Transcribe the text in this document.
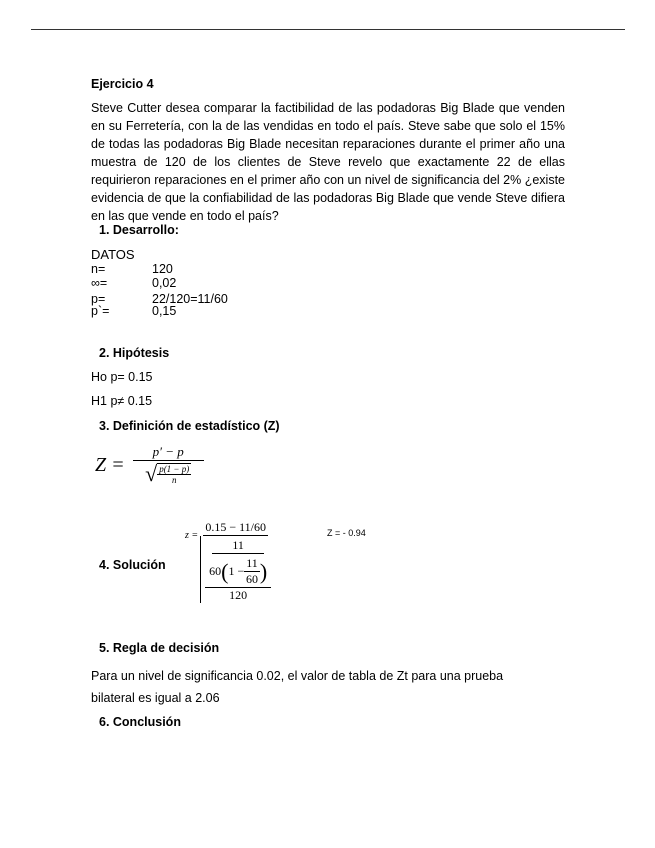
Ejercicio 4
Steve Cutter desea comparar la factibilidad de las podadoras Big Blade que venden en su Ferretería, con la de las vendidas en todo el país. Steve sabe que solo el 15% de todas las podadoras Big Blade necesitan reparaciones durante el primer año una muestra de 120 de los clientes de Steve revelo que exactamente 22 de ellas requirieron reparaciones en el primer año con un nivel de significancia del 2% ¿existe evidencia de que la confiabilidad de las podadoras Big Blade que vende Steve difiera en las que vende en todo el país?
1. Desarrollo:
DATOS
n=	120
∞=	0,02
p=	22/120=11/60
p`=	0,15
2. Hipótesis
Ho p= 0.15
H1 p≠ 0.15
3. Definición de estadístico (Z)
$Z = \frac{p' - p}{√ \frac{p(1 - p)}{n}}$
4. Solución
z = 0.15 − 11/60
11
60 ( $1 - \frac{11}{60}$ )
120	Z = - 0.94
5. Regla de decisión
Para un nivel de significancia 0.02, el valor de tabla de Zt para una prueba
bilateral es igual a 2.06
6. Conclusión
